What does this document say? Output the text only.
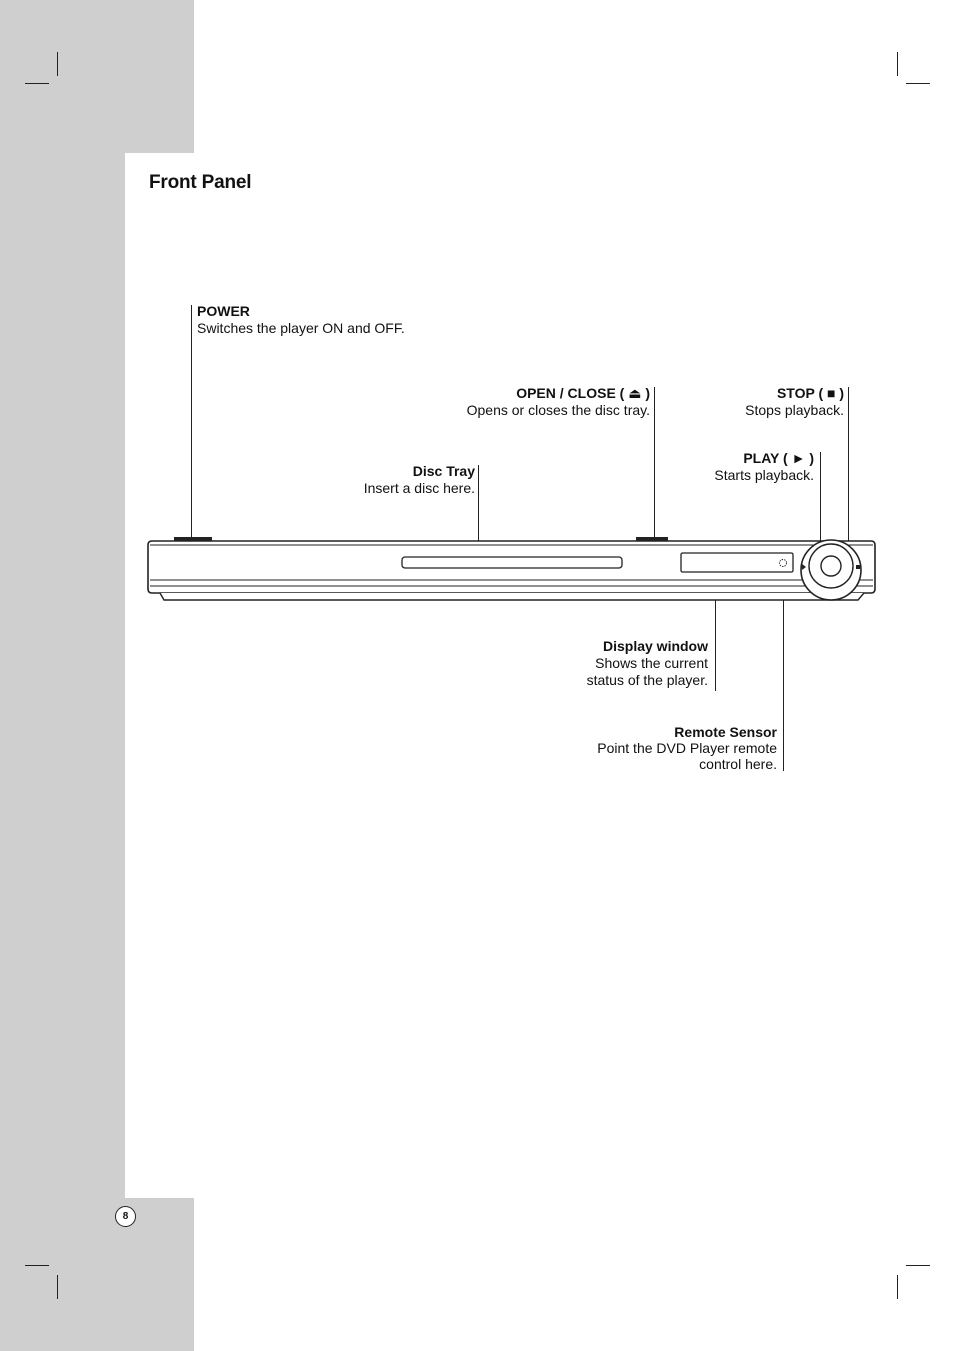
Front Panel
POWER
Switches the player ON and OFF.
OPEN / CLOSE ( ⏏ )
Opens or closes the disc tray.
STOP ( ■ )
Stops playback.
PLAY ( ► )
Starts playback.
Disc Tray
Insert a disc here.
Display window
Shows the current
status of the player.
Remote Sensor
Point the DVD Player remote
control here.
8
